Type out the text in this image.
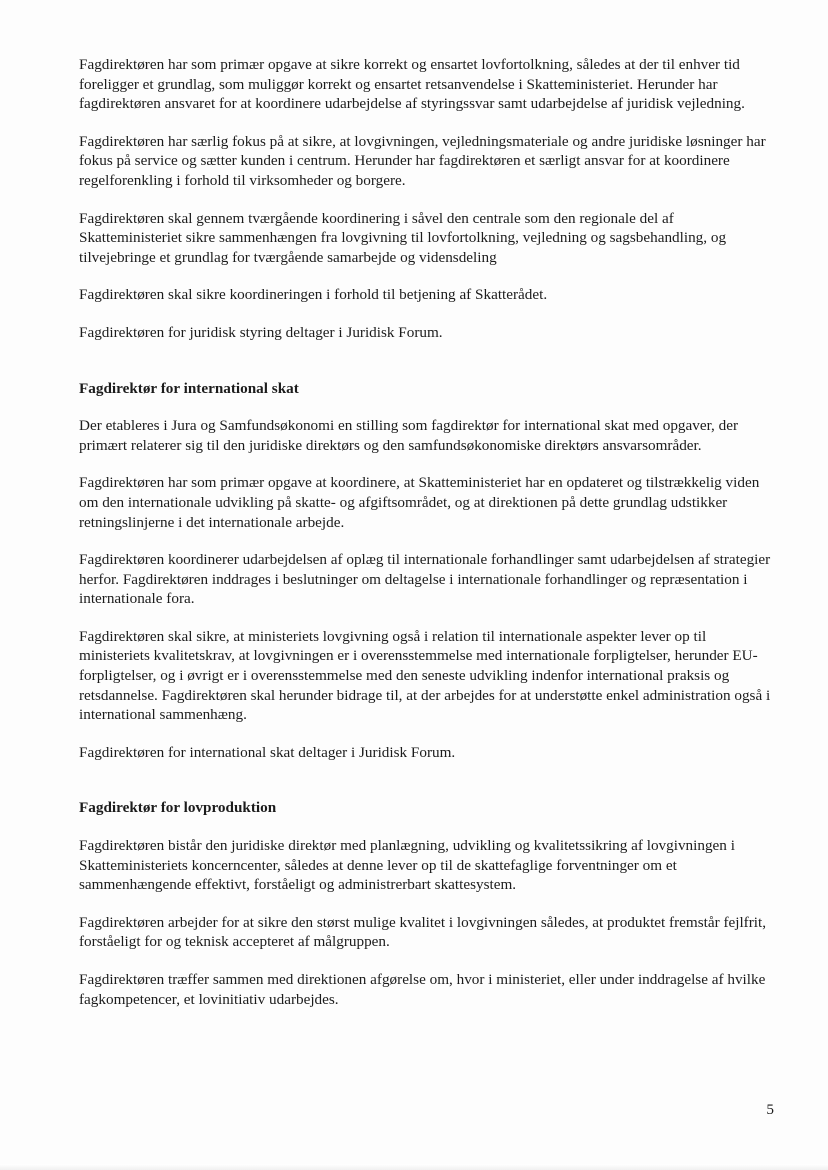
Fagdirektøren har som primær opgave at sikre korrekt og ensartet lovfortolkning, således at der til enhver tid foreligger et grundlag, som muliggør korrekt og ensartet retsanvendelse i Skatteministeriet. Herunder har fagdirektøren ansvaret for at koordinere udarbejdelse af styringssvar samt udarbejdelse af juridisk vejledning.

Fagdirektøren har særlig fokus på at sikre, at lovgivningen, vejledningsmateriale og andre juridiske løsninger har fokus på service og sætter kunden i centrum. Herunder har fagdirektøren et særligt ansvar for at koordinere regelforenkling i forhold til virksomheder og borgere.

Fagdirektøren skal gennem tværgående koordinering i såvel den centrale som den regionale del af Skatteministeriet sikre sammenhængen fra lovgivning til lovfortolkning, vejledning og sagsbehandling, og tilvejebringe et grundlag for tværgående samarbejde og vidensdeling

Fagdirektøren skal sikre koordineringen i forhold til betjening af Skatterådet.

Fagdirektøren for juridisk styring deltager i Juridisk Forum.

Fagdirektør for international skat

Der etableres i Jura og Samfundsøkonomi en stilling som fagdirektør for international skat med opgaver, der primært relaterer sig til den juridiske direktørs og den samfundsøkonomiske direktørs ansvarsområder.

Fagdirektøren har som primær opgave at koordinere, at Skatteministeriet har en opdateret og tilstrækkelig viden om den internationale udvikling på skatte- og afgiftsområdet, og at direktionen på dette grundlag udstikker retningslinjerne i det internationale arbejde.

Fagdirektøren koordinerer udarbejdelsen af oplæg til internationale forhandlinger samt udarbejdelsen af strategier herfor. Fagdirektøren inddrages i beslutninger om deltagelse i internationale forhandlinger og repræsentation i internationale fora.

Fagdirektøren skal sikre, at ministeriets lovgivning også i relation til internationale aspekter lever op til ministeriets kvalitetskrav, at lovgivningen er i overensstemmelse med internationale forpligtelser, herunder EU-forpligtelser, og i øvrigt er i overensstemmelse med den seneste udvikling indenfor international praksis og retsdannelse. Fagdirektøren skal herunder bidrage til, at der arbejdes for at understøtte enkel administration også i international sammenhæng.

Fagdirektøren for international skat deltager i Juridisk Forum.

Fagdirektør for lovproduktion

Fagdirektøren bistår den juridiske direktør med planlægning, udvikling og kvalitetssikring af lovgivningen i Skatteministeriets koncerncenter, således at denne lever op til de skattefaglige forventninger om et sammenhængende effektivt, forståeligt og administrerbart skattesystem.

Fagdirektøren arbejder for at sikre den størst mulige kvalitet i lovgivningen således, at produktet fremstår fejlfrit, forståeligt for og teknisk accepteret af målgruppen.

Fagdirektøren træffer sammen med direktionen afgørelse om, hvor i ministeriet, eller under inddragelse af hvilke fagkompetencer, et lovinitiativ udarbejdes.

5
